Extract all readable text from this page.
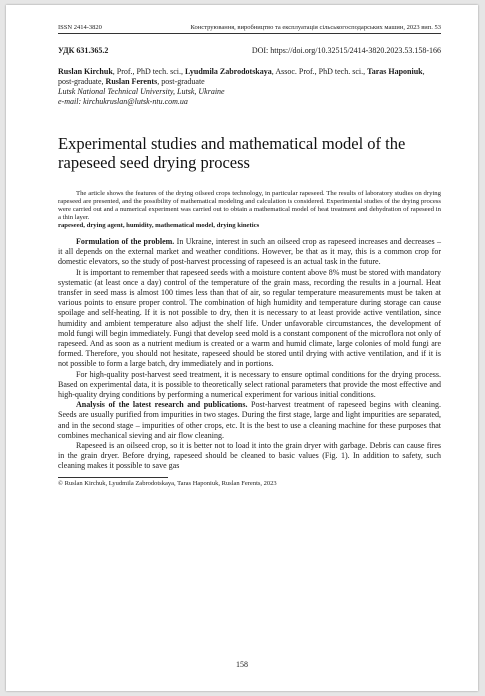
ISSN 2414-3820	Конструювання, виробництво та експлуатація сільськогосподарських машин, 2023 вип. 53
УДК 631.365.2	DOI: https://doi.org/10.32515/2414-3820.2023.53.158-166
Ruslan Kirchuk, Prof., PhD tech. sci., Lyudmila Zabrodotskaya, Assoc. Prof., PhD tech. sci., Taras Haponiuk, post-graduate, Ruslan Ferents, post-graduate
Lutsk National Technical University, Lutsk, Ukraine
e-mail: kirchukruslan@lutsk-ntu.com.ua
Experimental studies and mathematical model of the rapeseed seed drying process
The article shows the features of the drying oilseed crops technology, in particular rapeseed. The results of laboratory studies on drying rapeseed are presented, and the possibility of mathematical modeling and calculation is considered. Experimental studies of the drying process were carried out and a numerical experiment was carried out to obtain a mathematical model of heat treatment and dehydration of rapeseed in a thin layer.
rapeseed, drying agent, humidity, mathematical model, drying kinetics

Formulation of the problem. In Ukraine, interest in such an oilseed crop as rapeseed increases and decreases – it all depends on the external market and weather conditions. However, be that as it may, this is a common crop for domestic elevators, so the study of post-harvest processing of rapeseed is an actual task in the future.

It is important to remember that rapeseed seeds with a moisture content above 8% must be stored with mandatory systematic (at least once a day) control of the temperature of the grain mass, recording the results in a journal. Heat transfer in seed mass is almost 100 times less than that of air, so regular temperature measurements must be taken at various points to ensure proper control. The combination of high humidity and temperature during storage can cause spoilage and self-heating. If it is not possible to dry, then it is necessary to at least provide active ventilation, since humidity and ambient temperature also adjust the shelf life. Under unfavorable circumstances, the development of mold fungi will begin immediately. Fungi that develop seed mold is a constant component of the microflora not only of rapeseed. And as soon as a nutrient medium is created or a warm and humid climate, large colonies of mold fungi are formed. Therefore, you should not hesitate, rapeseed should be stored until drying with active ventilation, and if it is not possible to form a large batch, dry immediately and in portions.

For high-quality post-harvest seed treatment, it is necessary to ensure optimal conditions for the drying process. Based on experimental data, it is possible to theoretically select rational parameters that provide the most effective and high-quality drying conditions by performing a numerical experiment for various initial conditions.

Analysis of the latest research and publications. Post-harvest treatment of rapeseed begins with cleaning. Seeds are usually purified from impurities in two stages. During the first stage, large and light impurities are separated, and in the second stage – impurities of other crops, etc. It is the best to use a cleaning machine for these purposes that combines mechanical sieving and air flow cleaning.

Rapeseed is an oilseed crop, so it is better not to load it into the grain dryer with garbage. Debris can cause fires in the grain dryer. Before drying, rapeseed should be cleaned to basic values (Fig. 1). In addition to safety, such cleaning makes it possible to save gas

© Ruslan Kirchuk, Lyudmila Zabrodotskaya, Taras Haponiuk, Ruslan Ferents, 2023
158
